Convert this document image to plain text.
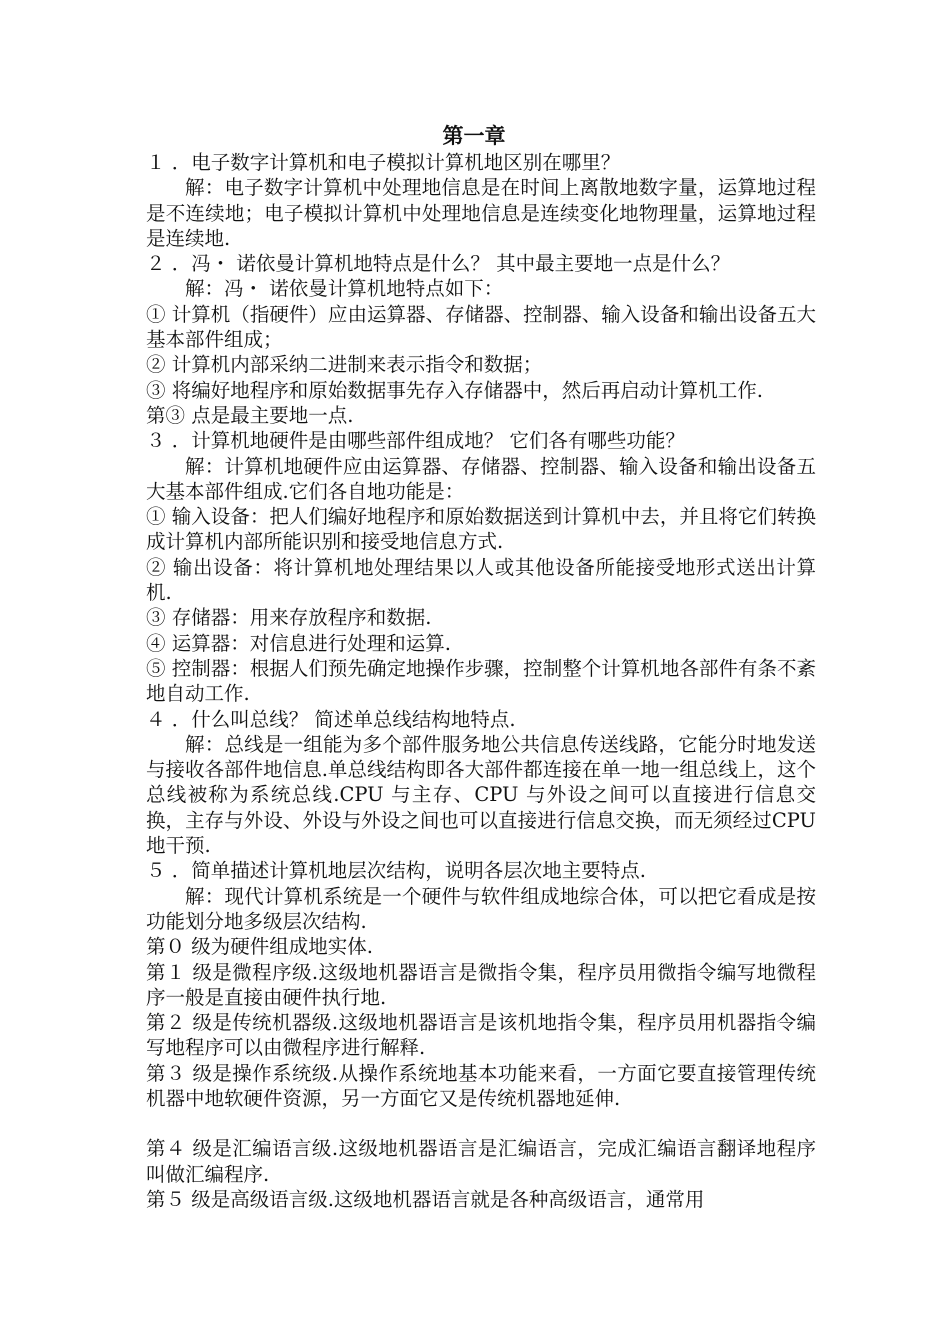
第一章
１ ．电子数字计算机和电子模拟计算机地区别在哪里？
解：电子数字计算机中处理地信息是在时间上离散地数字量，运算地过程是不连续地；电子模拟计算机中处理地信息是连续变化地物理量，运算地过程是连续地.
２ ．冯・ 诺依曼计算机地特点是什么？ 其中最主要地一点是什么？
解：冯・ 诺依曼计算机地特点如下：
① 计算机（指硬件）应由运算器、存储器、控制器、输入设备和输出设备五大基本部件组成；
② 计算机内部采纳二进制来表示指令和数据；
③ 将编好地程序和原始数据事先存入存储器中，然后再启动计算机工作.
第③ 点是最主要地一点.
３ ．计算机地硬件是由哪些部件组成地？ 它们各有哪些功能？
解：计算机地硬件应由运算器、存储器、控制器、输入设备和输出设备五大基本部件组成.它们各自地功能是：
① 输入设备：把人们编好地程序和原始数据送到计算机中去，并且将它们转换成计算机内部所能识别和接受地信息方式.
② 输出设备：将计算机地处理结果以人或其他设备所能接受地形式送出计算机.
③ 存储器：用来存放程序和数据.
④ 运算器：对信息进行处理和运算.
⑤ 控制器：根据人们预先确定地操作步骤，控制整个计算机地各部件有条不紊地自动工作.
４ ．什么叫总线？ 简述单总线结构地特点.
解：总线是一组能为多个部件服务地公共信息传送线路，它能分时地发送与接收各部件地信息.单总线结构即各大部件都连接在单一地一组总线上，这个总线被称为系统总线.CPU 与主存、CPU 与外设之间可以直接进行信息交换，主存与外设、外设与外设之间也可以直接进行信息交换，而无须经过CPU 地干预.
５ ．简单描述计算机地层次结构，说明各层次地主要特点.
解：现代计算机系统是一个硬件与软件组成地综合体，可以把它看成是按功能划分地多级层次结构.
第０ 级为硬件组成地实体.
第１ 级是微程序级.这级地机器语言是微指令集，程序员用微指令编写地微程序一般是直接由硬件执行地.
第２ 级是传统机器级.这级地机器语言是该机地指令集，程序员用机器指令编写地程序可以由微程序进行解释.
第３ 级是操作系统级.从操作系统地基本功能来看，一方面它要直接管理传统机器中地软硬件资源，另一方面它又是传统机器地延伸.
第４ 级是汇编语言级.这级地机器语言是汇编语言，完成汇编语言翻译地程序叫做汇编程序.
第５ 级是高级语言级.这级地机器语言就是各种高级语言，通常用
